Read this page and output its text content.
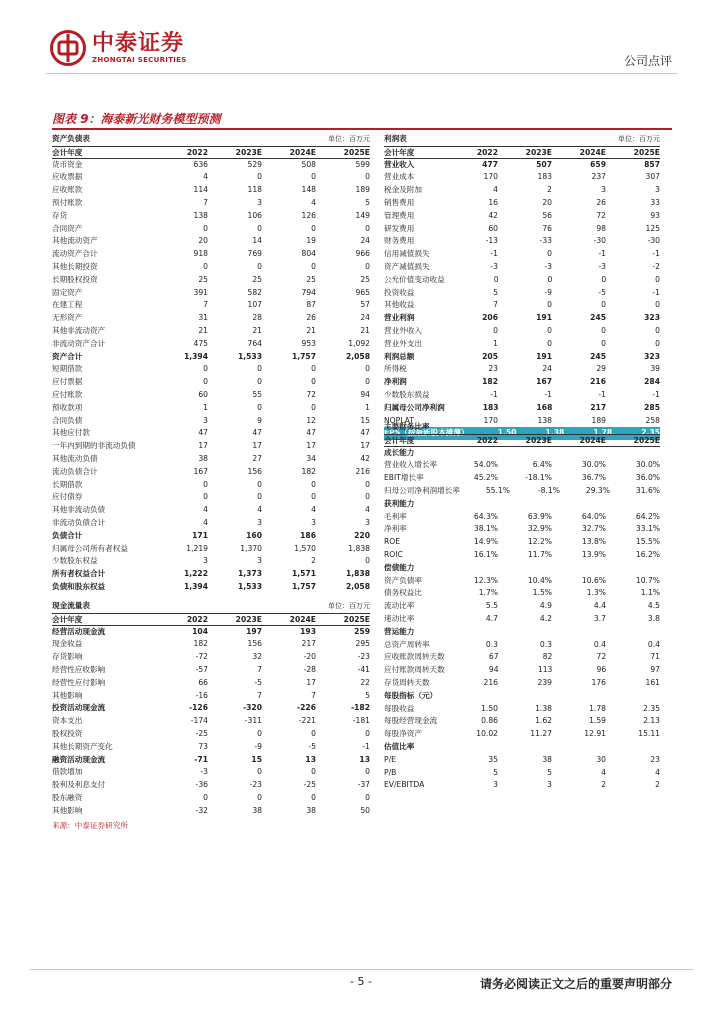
中泰证券
ZHONGTAI SECURITIES	公司点评
图表 9：海泰新光财务模型预测
资产负债表	单位：百万元
会计年度	2022	2023E	2024E	2025E
货币资金	636	529	508	599
应收票据	4	0	0	0
应收账款	114	118	148	189
预付账款	7	3	4	5
存货	138	106	126	149
合同资产	0	0	0	0
其他流动资产	20	14	19	24
流动资产合计	918	769	804	966
其他长期投资	0	0	0	0
长期股权投资	25	25	25	25
固定资产	391	582	794	965
在建工程	7	107	87	57
无形资产	31	28	26	24
其他非流动资产	21	21	21	21
非流动资产合计	475	764	953	1,092
资产合计	1,394	1,533	1,757	2,058
短期借款	0	0	0	0
应付票据	0	0	0	0
应付账款	60	55	72	94
预收款项	1	0	0	1
合同负债	3	9	12	15
其他应付款	47	47	47	47
一年内到期的非流动负债	17	17	17	17
其他流动负债	38	27	34	42
流动负债合计	167	156	182	216
长期借款	0	0	0	0
应付债券	0	0	0	0
其他非流动负债	4	4	4	4
非流动负债合计	4	3	3	3
负债合计	171	160	186	220
归属母公司所有者权益	1,219	1,370	1,570	1,838
少数股东权益	3	3	2	0
所有者权益合计	1,222	1,373	1,571	1,838
负债和股东权益	1,394	1,533	1,757	2,058
利润表	单位：百万元
会计年度	2022	2023E	2024E	2025E
营业收入	477	507	659	857
营业成本	170	183	237	307
税金及附加	4	2	3	3
销售费用	16	20	26	33
管理费用	42	56	72	93
研发费用	60	76	98	125
财务费用	-13	-33	-30	-30
信用减值损失	-1	0	-1	-1
资产减值损失	-3	-3	-3	-2
公允价值变动收益	0	0	0	0
投资收益	5	-9	-5	-1
其他收益	7	0	0	0
营业利润	206	191	245	323
营业外收入	0	0	0	0
营业外支出	1	0	0	0
利润总额	205	191	245	323
所得税	23	24	29	39
净利润	182	167	216	284
少数股东损益	-1	-1	-1	-1
归属母公司净利润	183	168	217	285
NOPLAT	170	138	189	258
EPS（按最新股本摊薄）	1.50	1.38	1.78	2.35
主要财务比率
会计年度	2022	2023E	2024E	2025E
成长能力
营业收入增长率	54.0%	6.4%	30.0%	30.0%
EBIT增长率	45.2%	-18.1%	36.7%	36.0%
归母公司净利润增长率	55.1%	-8.1%	29.3%	31.6%
获利能力
毛利率	64.3%	63.9%	64.0%	64.2%
净利率	38.1%	32.9%	32.7%	33.1%
ROE	14.9%	12.2%	13.8%	15.5%
ROIC	16.1%	11.7%	13.9%	16.2%
偿债能力
资产负债率	12.3%	10.4%	10.6%	10.7%
债务权益比	1.7%	1.5%	1.3%	1.1%
流动比率	5.5	4.9	4.4	4.5
速动比率	4.7	4.2	3.7	3.8
营运能力
总资产周转率	0.3	0.3	0.4	0.4
应收账款周转天数	67	82	72	71
应付账款周转天数	94	113	96	97
存货周转天数	216	239	176	161
每股指标（元）
每股收益	1.50	1.38	1.78	2.35
每股经营现金流	0.86	1.62	1.59	2.13
每股净资产	10.02	11.27	12.91	15.11
估值比率
P/E	35	38	30	23
P/B	5	5	4	4
EV/EBITDA	3	3	2	2
现金流量表	单位：百万元
会计年度	2022	2023E	2024E	2025E
经营活动现金流	104	197	193	259
现金收益	182	156	217	295
存货影响	-72	32	-20	-23
经营性应收影响	-57	7	-28	-41
经营性应付影响	66	-5	17	22
其他影响	-16	7	7	5
投资活动现金流	-126	-320	-226	-182
资本支出	-174	-311	-221	-181
股权投资	-25	0	0	0
其他长期资产变化	73	-9	-5	-1
融资活动现金流	-71	15	13	13
借款增加	-3	0	0	0
股利及利息支付	-36	-23	-25	-37
股东融资	0	0	0	0
其他影响	-32	38	38	50
来源：中泰证券研究所
- 5 -	请务必阅读正文之后的重要声明部分
